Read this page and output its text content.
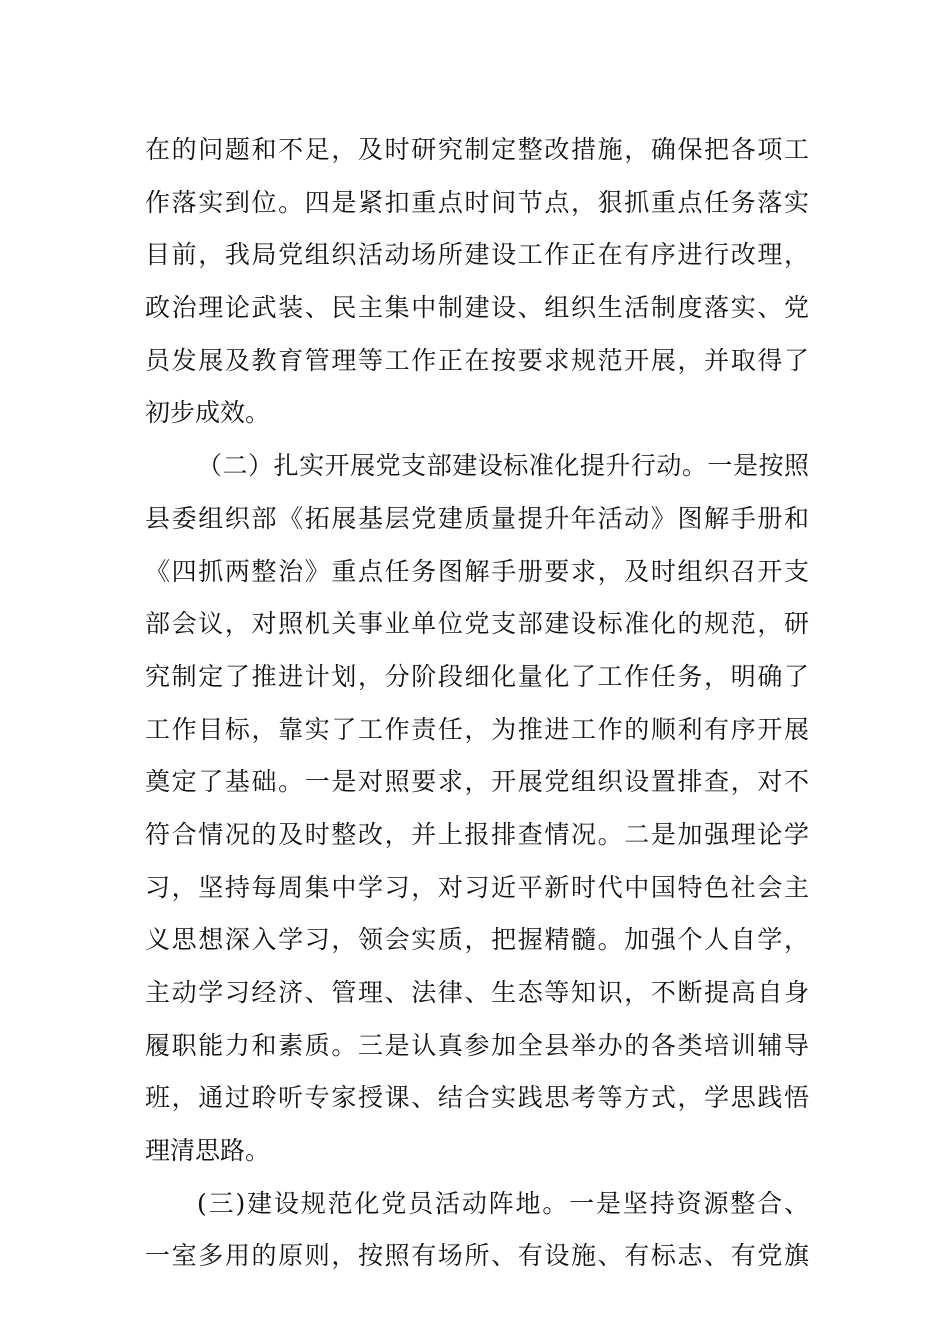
在的问题和不足，及时研究制定整改措施，确保把各项工
作落实到位。四是紧扣重点时间节点，狠抓重点任务落实
目前，我局党组织活动场所建设工作正在有序进行改理，
政治理论武装、民主集中制建设、组织生活制度落实、党
员发展及教育管理等工作正在按要求规范开展，并取得了
初步成效。
（二）扎实开展党支部建设标准化提升行动。一是按照
县委组织部《拓展基层党建质量提升年活动》图解手册和
《四抓两整治》重点任务图解手册要求，及时组织召开支
部会议，对照机关事业单位党支部建设标准化的规范，研
究制定了推进计划，分阶段细化量化了工作任务，明确了
工作目标，靠实了工作责任，为推进工作的顺利有序开展
奠定了基础。一是对照要求，开展党组织设置排查，对不
符合情况的及时整改，并上报排查情况。二是加强理论学
习，坚持每周集中学习，对习近平新时代中国特色社会主
义思想深入学习，领会实质，把握精髓。加强个人自学，
主动学习经济、管理、法律、生态等知识，不断提高自身
履职能力和素质。三是认真参加全县举办的各类培训辅导
班，通过聆听专家授课、结合实践思考等方式，学思践悟
理清思路。
(三)建设规范化党员活动阵地。一是坚持资源整合、
一室多用的原则，按照有场所、有设施、有标志、有党旗
